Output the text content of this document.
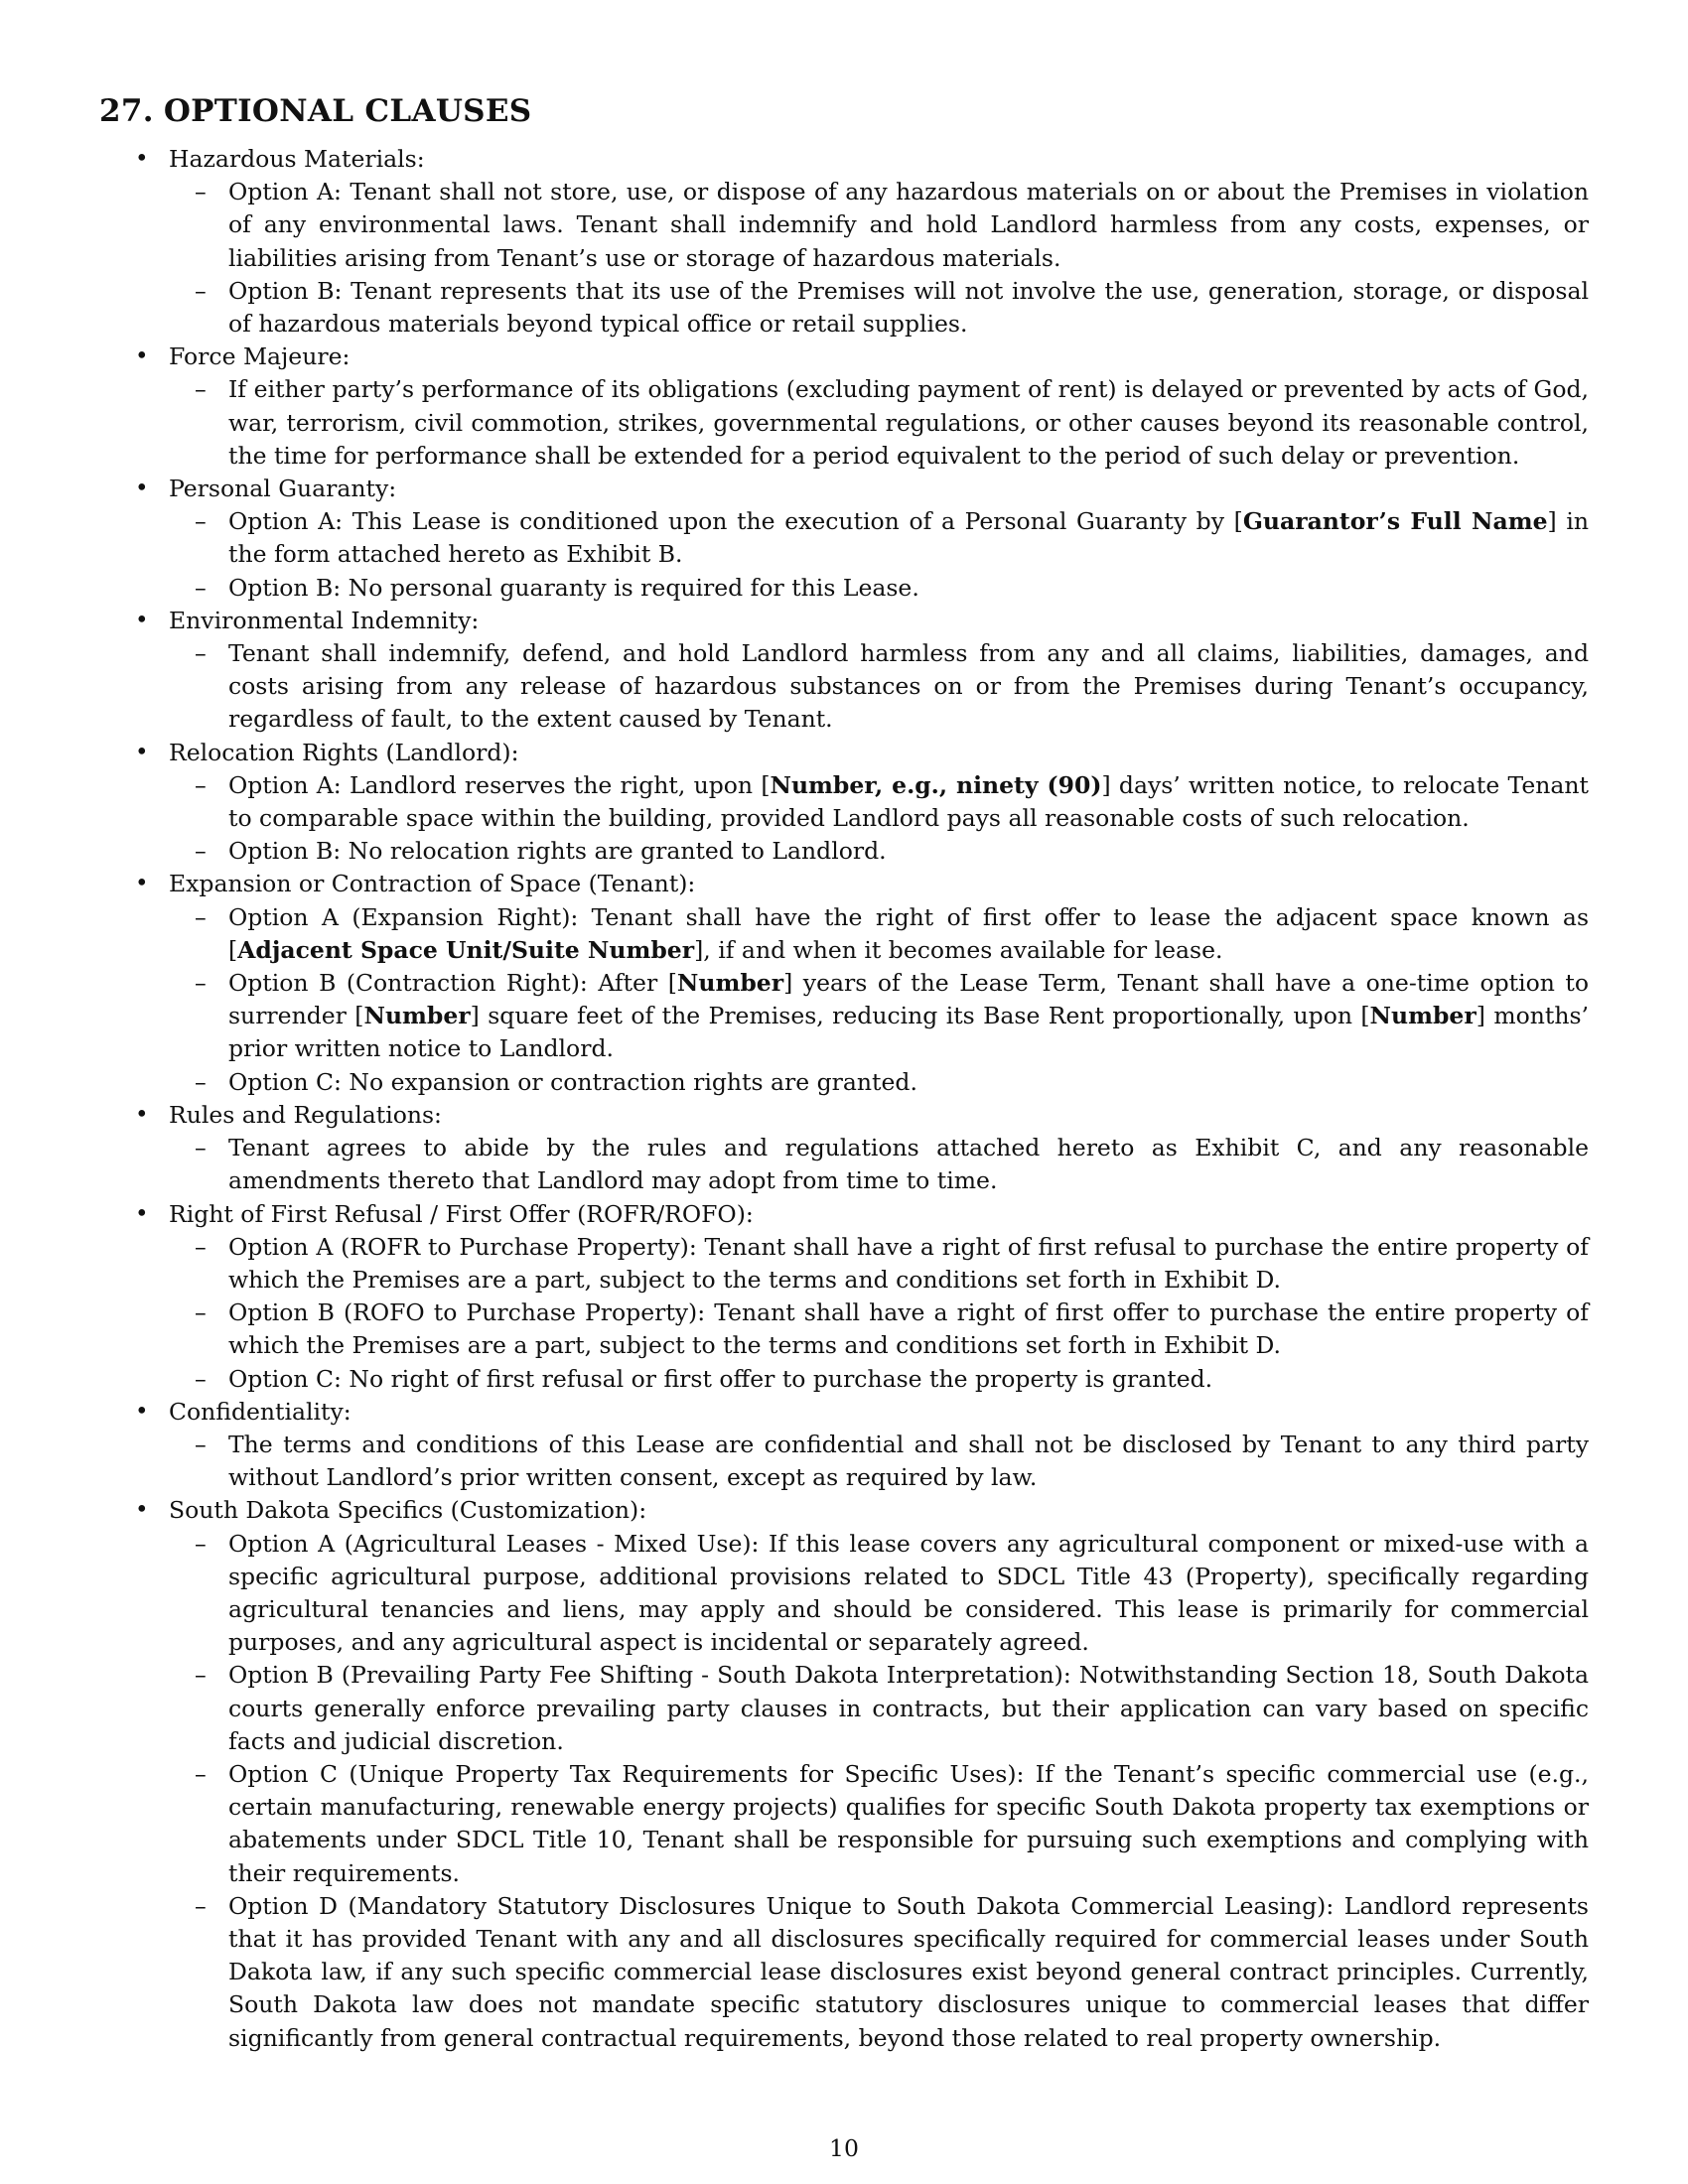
27. OPTIONAL CLAUSES
• Hazardous Materials:
– Option A: Tenant shall not store, use, or dispose of any hazardous materials on or about the Premises in violation of any environmental laws. Tenant shall indemnify and hold Landlord harmless from any costs, expenses, or liabilities arising from Tenant’s use or storage of hazardous materials.
– Option B: Tenant represents that its use of the Premises will not involve the use, generation, storage, or disposal of hazardous materials beyond typical office or retail supplies.
• Force Majeure:
– If either party’s performance of its obligations (excluding payment of rent) is delayed or prevented by acts of God, war, terrorism, civil commotion, strikes, governmental regulations, or other causes beyond its reasonable control, the time for performance shall be extended for a period equivalent to the period of such delay or prevention.
• Personal Guaranty:
– Option A: This Lease is conditioned upon the execution of a Personal Guaranty by [Guarantor’s Full Name] in the form attached hereto as Exhibit B.
– Option B: No personal guaranty is required for this Lease.
• Environmental Indemnity:
– Tenant shall indemnify, defend, and hold Landlord harmless from any and all claims, liabilities, damages, and costs arising from any release of hazardous substances on or from the Premises during Tenant’s occupancy, regardless of fault, to the extent caused by Tenant.
• Relocation Rights (Landlord):
– Option A: Landlord reserves the right, upon [Number, e.g., ninety (90)] days’ written notice, to relocate Tenant to comparable space within the building, provided Landlord pays all reasonable costs of such relocation.
– Option B: No relocation rights are granted to Landlord.
• Expansion or Contraction of Space (Tenant):
– Option A (Expansion Right): Tenant shall have the right of first offer to lease the adjacent space known as [Adjacent Space Unit/Suite Number], if and when it becomes available for lease.
– Option B (Contraction Right): After [Number] years of the Lease Term, Tenant shall have a one-time option to surrender [Number] square feet of the Premises, reducing its Base Rent proportionally, upon [Number] months’ prior written notice to Landlord.
– Option C: No expansion or contraction rights are granted.
• Rules and Regulations:
– Tenant agrees to abide by the rules and regulations attached hereto as Exhibit C, and any reasonable amendments thereto that Landlord may adopt from time to time.
• Right of First Refusal / First Offer (ROFR/ROFO):
– Option A (ROFR to Purchase Property): Tenant shall have a right of first refusal to purchase the entire property of which the Premises are a part, subject to the terms and conditions set forth in Exhibit D.
– Option B (ROFO to Purchase Property): Tenant shall have a right of first offer to purchase the entire property of which the Premises are a part, subject to the terms and conditions set forth in Exhibit D.
– Option C: No right of first refusal or first offer to purchase the property is granted.
• Confidentiality:
– The terms and conditions of this Lease are confidential and shall not be disclosed by Tenant to any third party without Landlord’s prior written consent, except as required by law.
• South Dakota Specifics (Customization):
– Option A (Agricultural Leases - Mixed Use): If this lease covers any agricultural component or mixed-use with a specific agricultural purpose, additional provisions related to SDCL Title 43 (Property), specifically regarding agricultural tenancies and liens, may apply and should be considered. This lease is primarily for commercial purposes, and any agricultural aspect is incidental or separately agreed.
– Option B (Prevailing Party Fee Shifting - South Dakota Interpretation): Notwithstanding Section 18, South Dakota courts generally enforce prevailing party clauses in contracts, but their application can vary based on specific facts and judicial discretion.
– Option C (Unique Property Tax Requirements for Specific Uses): If the Tenant’s specific commercial use (e.g., certain manufacturing, renewable energy projects) qualifies for specific South Dakota property tax exemptions or abatements under SDCL Title 10, Tenant shall be responsible for pursuing such exemptions and complying with their requirements.
– Option D (Mandatory Statutory Disclosures Unique to South Dakota Commercial Leasing): Landlord represents that it has provided Tenant with any and all disclosures specifically required for commercial leases under South Dakota law, if any such specific commercial lease disclosures exist beyond general contract principles. Currently, South Dakota law does not mandate specific statutory disclosures unique to commercial leases that differ significantly from general contractual requirements, beyond those related to real property ownership.
10
